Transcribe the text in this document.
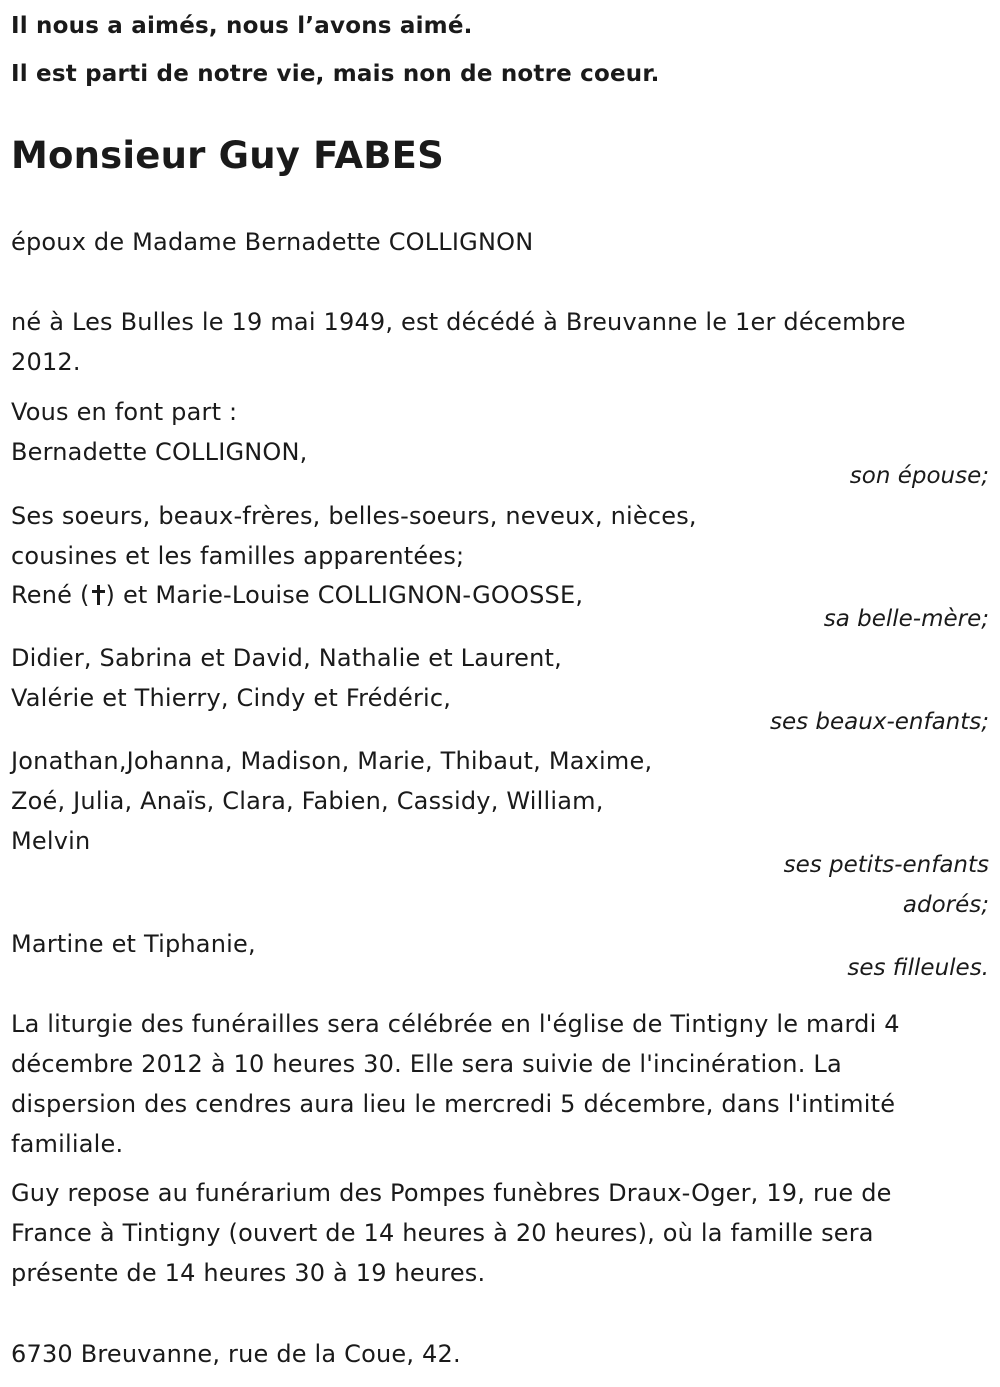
Il nous a aimés, nous l’avons aimé.
Il est parti de notre vie, mais non de notre coeur.
Monsieur Guy FABES
époux de Madame Bernadette COLLIGNON
né à Les Bulles le 19 mai 1949, est décédé à Breuvanne le 1er décembre
2012.
Vous en font part :
Bernadette COLLIGNON,
son épouse;
Ses soeurs, beaux-frères, belles-soeurs, neveux, nièces,
cousines et les familles apparentées;
René ( ) et Marie-Louise COLLIGNON-GOOSSE,
sa belle-mère;
Didier, Sabrina et David, Nathalie et Laurent,
Valérie et Thierry, Cindy et Frédéric,
ses beaux-enfants;
Jonathan,Johanna, Madison, Marie, Thibaut, Maxime,
Zoé, Julia, Anaïs, Clara, Fabien, Cassidy, William,
Melvin
ses petits-enfants
adorés;
Martine et Tiphanie,
ses filleules.
La liturgie des funérailles sera célébrée en l'église de Tintigny le mardi 4
décembre 2012 à 10 heures 30. Elle sera suivie de l'incinération. La
dispersion des cendres aura lieu le mercredi 5 décembre, dans l'intimité
familiale.
Guy repose au funérarium des Pompes funèbres Draux-Oger, 19, rue de
France à Tintigny (ouvert de 14 heures à 20 heures), où la famille sera
présente de 14 heures 30 à 19 heures.
6730 Breuvanne, rue de la Coue, 42.
